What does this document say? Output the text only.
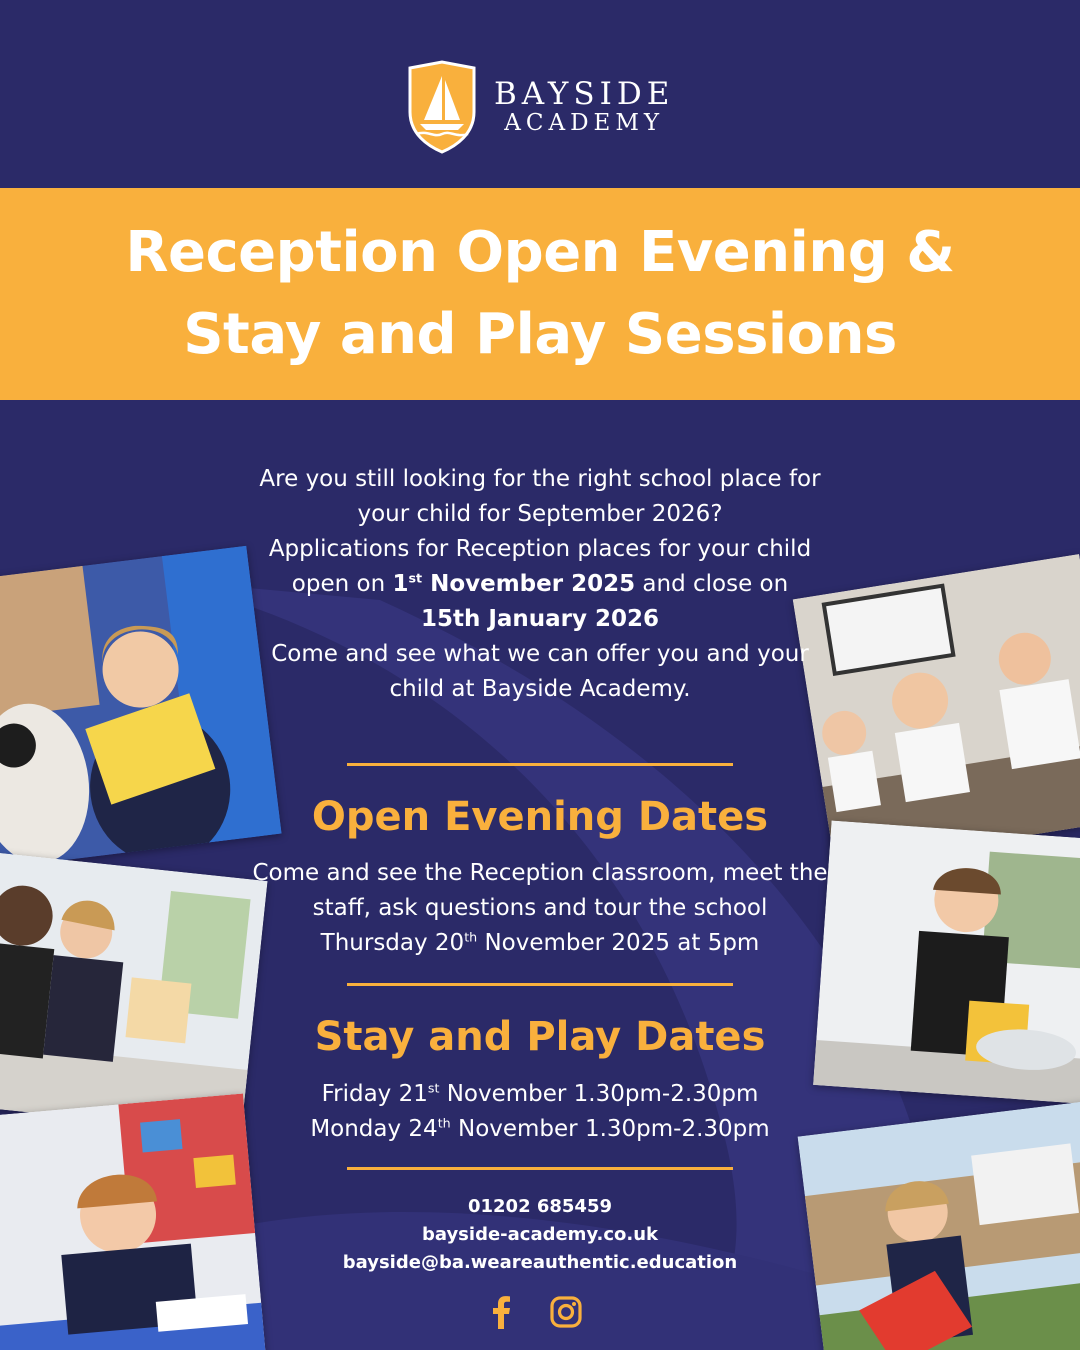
BAYSIDE
ACADEMY
Reception Open Evening &
Stay and Play Sessions
Are you still looking for the right school place for
your child for September 2026?
Applications for Reception places for your child
open on 1st November 2025 and close on
15th January 2026
Come and see what we can offer you and your
child at Bayside Academy.
Open Evening Dates
Come and see the Reception classroom, meet the
staff, ask questions and tour the school
Thursday 20th November 2025 at 5pm
Stay and Play Dates
Friday 21st November 1.30pm-2.30pm
Monday 24th November 1.30pm-2.30pm
01202 685459
bayside-academy.co.uk
bayside@ba.weareauthentic.education
